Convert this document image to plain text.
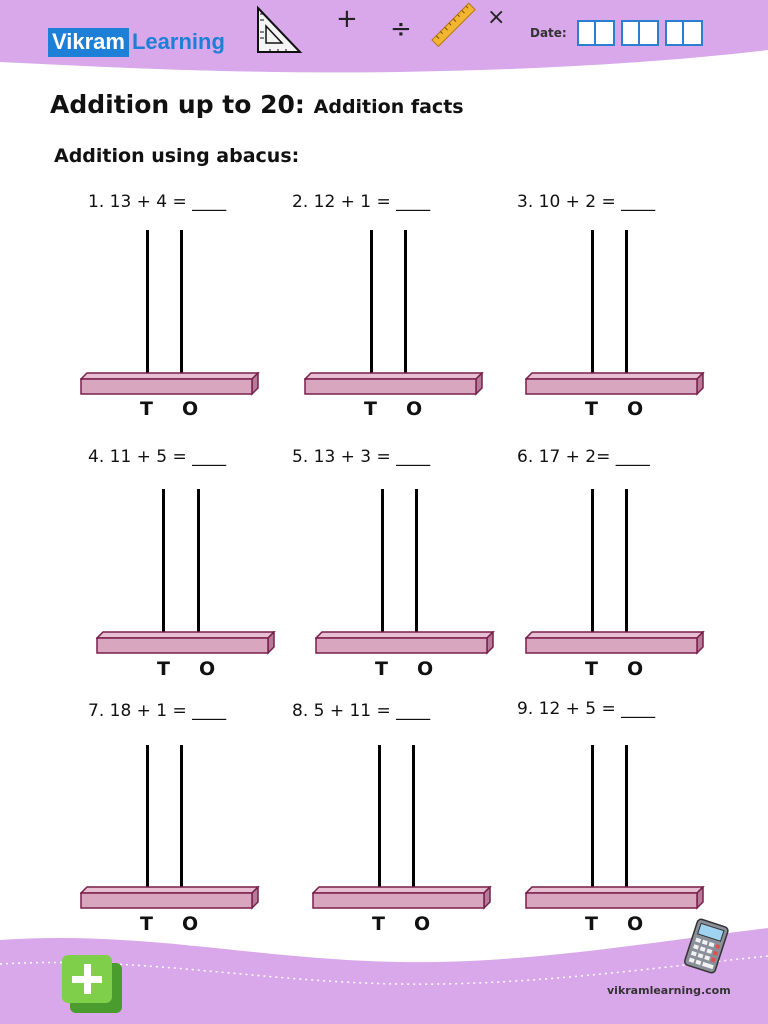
Vikram Learning
+ ÷	×
Date:
Addition up to 20: Addition facts
Addition using abacus:
1. 13 + 4 = ____	2. 12 + 1 = ____	3. 10 + 2 = ____
4. 11 + 5 = ____	5. 13 + 3 = ____	6. 17 + 2= ____
7. 18 + 1 = ____	8. 5 + 11 = ____	9. 12 + 5 = ____
T O	T O	T O
T O	T O	T O
T O	T O	T O
vikramlearning.com
